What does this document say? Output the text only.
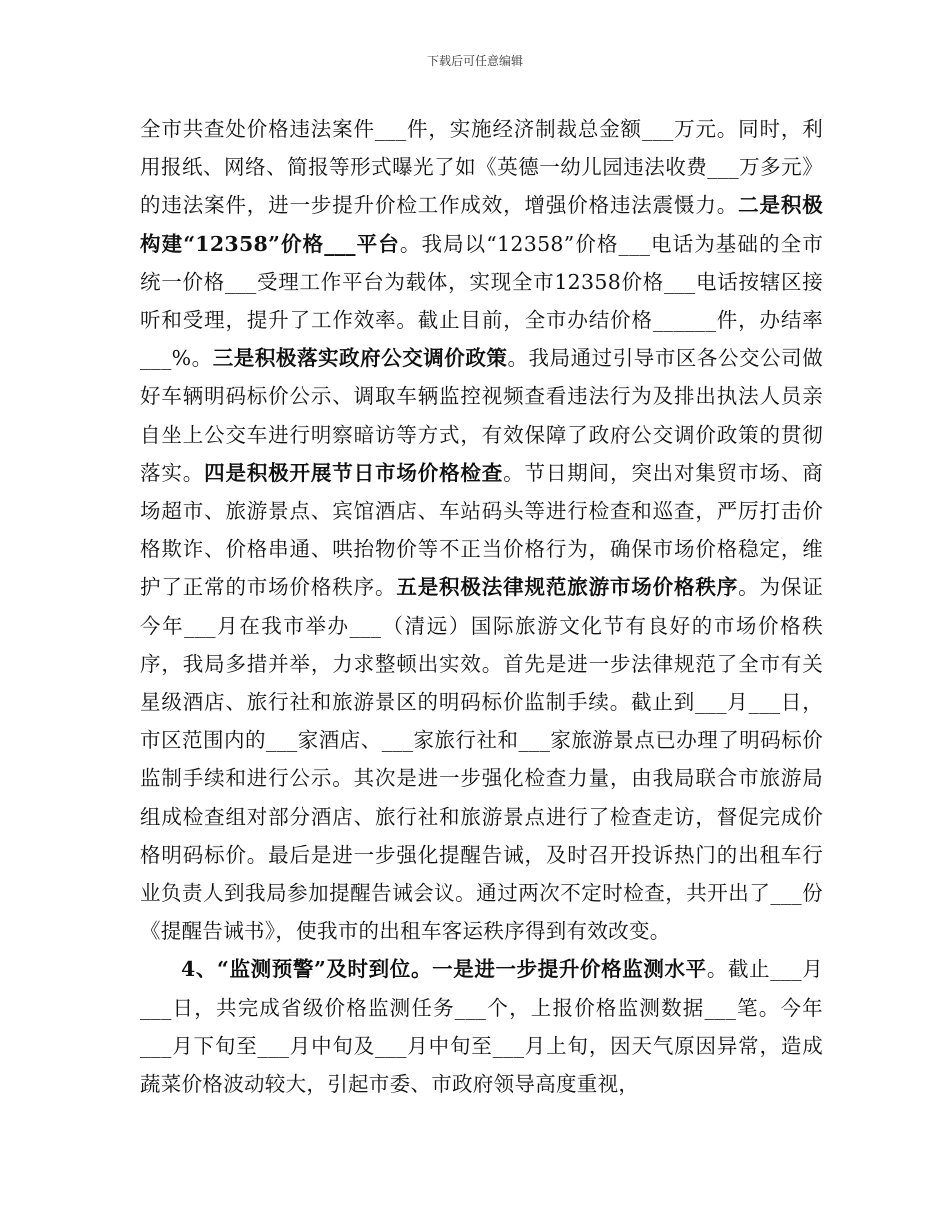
下载后可任意编辑

全市共查处价格违法案件___件，实施经济制裁总金额___万元。同时，利用报纸、网络、简报等形式曝光了如《英德一幼儿园违法收费___万多元》的违法案件，进一步提升价检工作成效，增强价格违法震慑力。二是积极构建“12358”价格___平台。我局以“12358”价格___电话为基础的全市统一价格___受理工作平台为载体，实现全市12358价格___电话按辖区接听和受理，提升了工作效率。截止目前，全市办结价格______件，办结率___%。三是积极落实政府公交调价政策。我局通过引导市区各公交公司做好车辆明码标价公示、调取车辆监控视频查看违法行为及排出执法人员亲自坐上公交车进行明察暗访等方式，有效保障了政府公交调价政策的贯彻落实。四是积极开展节日市场价格检查。节日期间，突出对集贸市场、商场超市、旅游景点、宾馆酒店、车站码头等进行检查和巡查，严厉打击价格欺诈、价格串通、哄抬物价等不正当价格行为，确保市场价格稳定，维护了正常的市场价格秩序。五是积极法律规范旅游市场价格秩序。为保证今年___月在我市举办___（清远）国际旅游文化节有良好的市场价格秩序，我局多措并举，力求整顿出实效。首先是进一步法律规范了全市有关星级酒店、旅行社和旅游景区的明码标价监制手续。截止到___月___日，市区范围内的___家酒店、___家旅行社和___家旅游景点已办理了明码标价监制手续和进行公示。其次是进一步强化检查力量，由我局联合市旅游局组成检查组对部分酒店、旅行社和旅游景点进行了检查走访，督促完成价格明码标价。最后是进一步强化提醒告诫，及时召开投诉热门的出租车行业负责人到我局参加提醒告诫会议。通过两次不定时检查，共开出了___份《提醒告诫书》，使我市的出租车客运秩序得到有效改变。

4、“监测预警”及时到位。一是进一步提升价格监测水平。截止___月___日，共完成省级价格监测任务___个，上报价格监测数据___笔。今年___月下旬至___月中旬及___月中旬至___月上旬，因天气原因异常，造成蔬菜价格波动较大，引起市委、市政府领导高度重视，
